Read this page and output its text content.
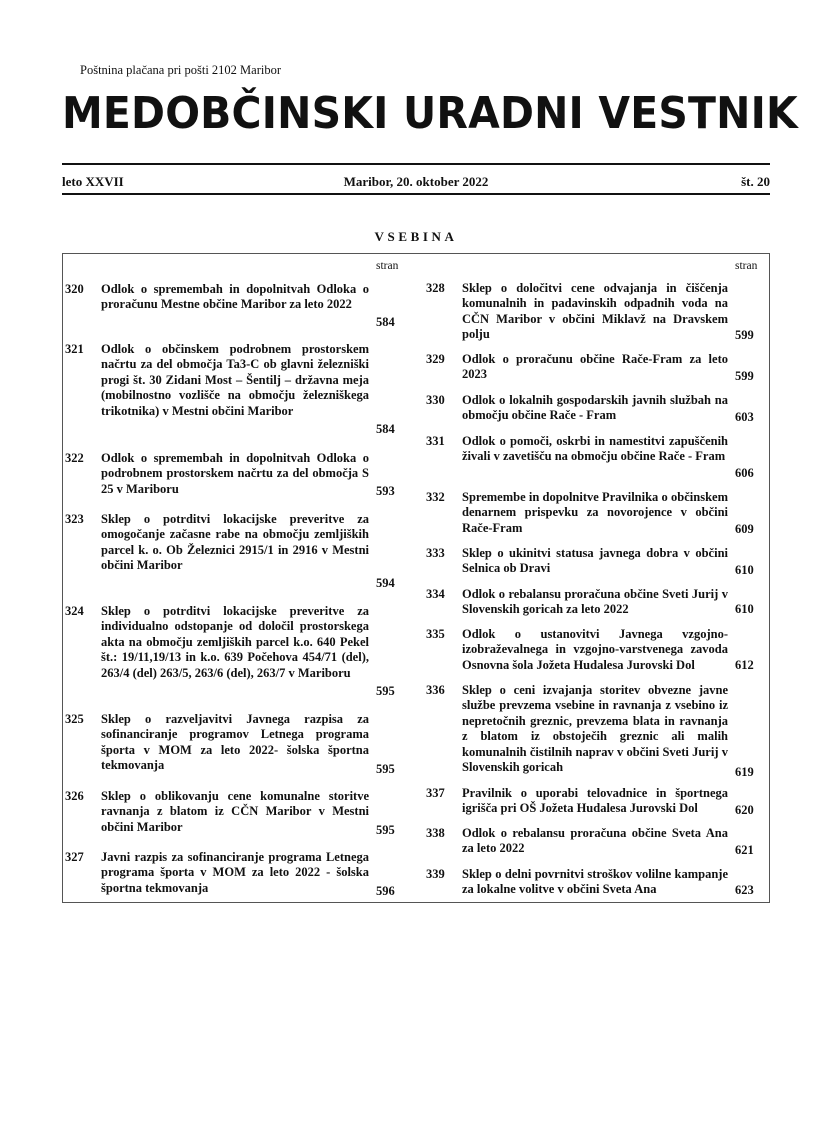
Poštnina plačana pri pošti 2102 Maribor
MEDOBČINSKI URADNI VESTNIK
leto XXVII	Maribor, 20. oktober 2022	št. 20
VSEBINA
stran	stran
320 Odlok o spremembah in dopolnitvah Odloka o proračunu Mestne občine Maribor za leto 2022
584
321 Odlok o občinskem podrobnem prostorskem načrtu za del območja Ta3-C ob glavni železniški progi št. 30 Zidani Most – Šentilj – državna meja (mobilnostno vozlišče na območju železniškega trikotnika) v Mestni občini Maribor
584
322 Odlok o spremembah in dopolnitvah Odloka o podrobnem prostorskem načrtu za del območja S 25 v Mariboru	593
323 Sklep o potrditvi lokacijske preveritve za omogočanje začasne rabe na območju zemljiških parcel k. o. Ob Železnici 2915/1 in 2916 v Mestni občini Maribor
594
324 Sklep o potrditvi lokacijske preveritve za individualno odstopanje od določil prostorskega akta na območju zemljiških parcel k.o. 640 Pekel št.: 19/11,19/13 in k.o. 639 Počehova 454/71 (del), 263/4 (del) 263/5, 263/6 (del), 263/7 v Mariboru
595
325 Sklep o razveljavitvi Javnega razpisa za sofinanciranje programov Letnega programa športa v MOM za leto 2022- šolska športna tekmovanja	595
326 Sklep o oblikovanju cene komunalne storitve ravnanja z blatom iz CČN Maribor v Mestni občini Maribor	595
327 Javni razpis za sofinanciranje programa Letnega programa športa v MOM za leto 2022 - šolska športna tekmovanja	596
328 Sklep o določitvi cene odvajanja in čiščenja komunalnih in padavinskih odpadnih voda na CČN Maribor v občini Miklavž na Dravskem polju	599
329 Odlok o proračunu občine Rače-Fram za leto 2023	599
330 Odlok o lokalnih gospodarskih javnih službah na območju občine Rače - Fram	603
331 Odlok o pomoči, oskrbi in namestitvi zapuščenih živali v zavetišču na območju občine Rače - Fram
606
332 Spremembe in dopolnitve Pravilnika o občinskem denarnem prispevku za novorojence v občini Rače-Fram	609
333 Sklep o ukinitvi statusa javnega dobra v občini Selnica ob Dravi	610
334 Odlok o rebalansu proračuna občine Sveti Jurij v Slovenskih goricah za leto 2022	610
335 Odlok o ustanovitvi Javnega vzgojno-izobraževalnega in vzgojno-varstvenega zavoda Osnovna šola Jožeta Hudalesa Jurovski Dol	612
336 Sklep o ceni izvajanja storitev obvezne javne službe prevzema vsebine in ravnanja z vsebino iz nepretočnih greznic, prevzema blata in ravnanja z blatom iz obstoječih greznic ali malih komunalnih čistilnih naprav v občini Sveti Jurij v Slovenskih goricah	619
337 Pravilnik o uporabi telovadnice in športnega igrišča pri OŠ Jožeta Hudalesa Jurovski Dol	620
338 Odlok o rebalansu proračuna občine Sveta Ana za leto 2022	621
339 Sklep o delni povrnitvi stroškov volilne kampanje za lokalne volitve v občini Sveta Ana	623
